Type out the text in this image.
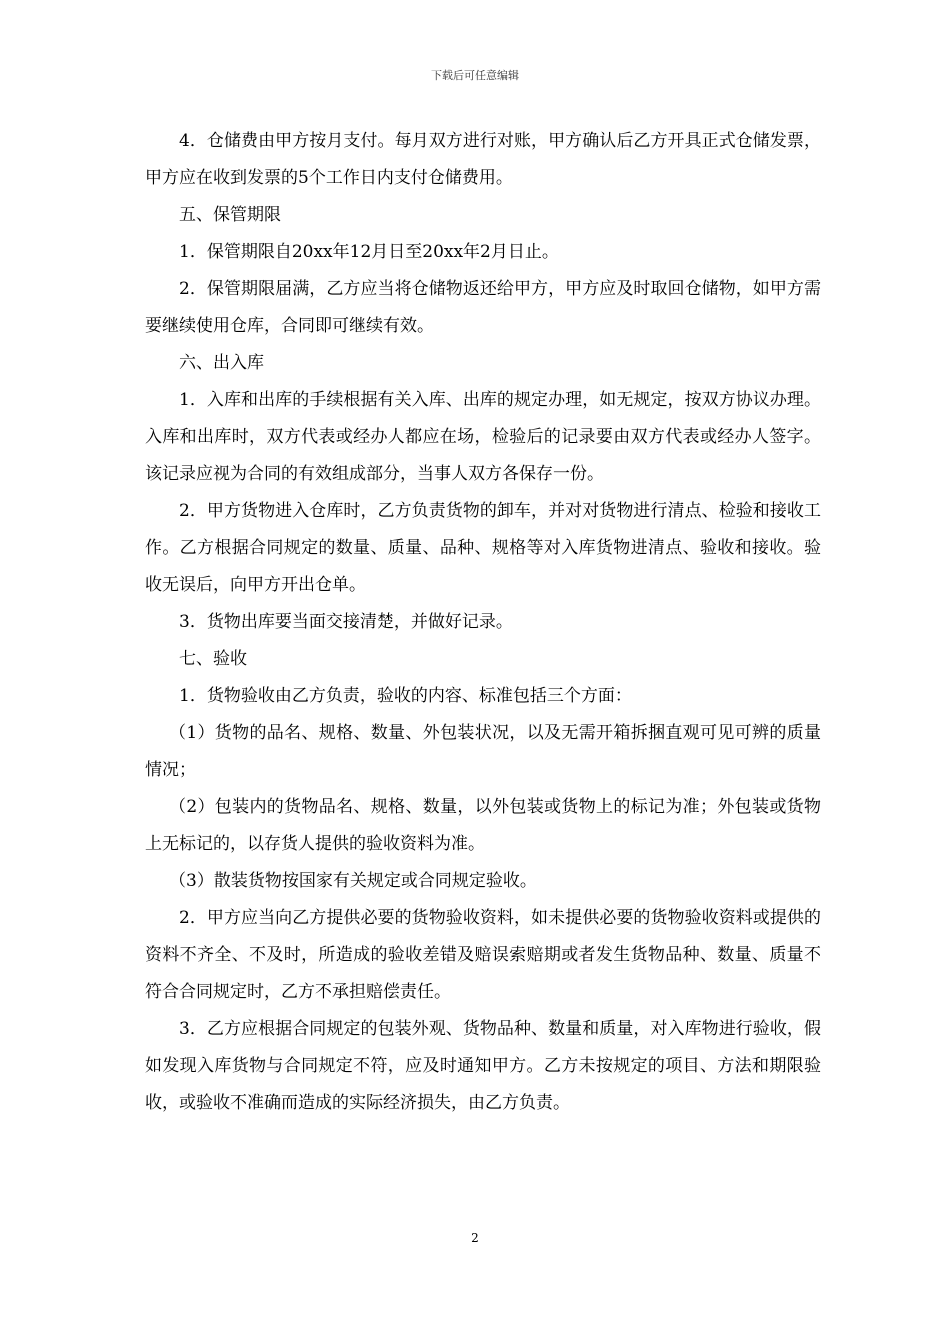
下载后可任意编辑

4．仓储费由甲方按月支付。每月双方进行对账，甲方确认后乙方开具正式仓储发票，甲方应在收到发票的5个工作日内支付仓储费用。

五、保管期限

1．保管期限自20xx年12月日至20xx年2月日止。

2．保管期限届满，乙方应当将仓储物返还给甲方，甲方应及时取回仓储物，如甲方需要继续使用仓库，合同即可继续有效。

六、出入库

1．入库和出库的手续根据有关入库、出库的规定办理，如无规定，按双方协议办理。入库和出库时，双方代表或经办人都应在场，检验后的记录要由双方代表或经办人签字。该记录应视为合同的有效组成部分，当事人双方各保存一份。

2．甲方货物进入仓库时，乙方负责货物的卸车，并对对货物进行清点、检验和接收工作。乙方根据合同规定的数量、质量、品种、规格等对入库货物进清点、验收和接收。验收无误后，向甲方开出仓单。

3．货物出库要当面交接清楚，并做好记录。

七、验收

1．货物验收由乙方负责，验收的内容、标准包括三个方面：

（1）货物的品名、规格、数量、外包装状况，以及无需开箱拆捆直观可见可辨的质量情况；

（2）包装内的货物品名、规格、数量，以外包装或货物上的标记为准；外包装或货物上无标记的，以存货人提供的验收资料为准。

（3）散装货物按国家有关规定或合同规定验收。

2．甲方应当向乙方提供必要的货物验收资料，如未提供必要的货物验收资料或提供的资料不齐全、不及时，所造成的验收差错及赔误索赔期或者发生货物品种、数量、质量不符合合同规定时，乙方不承担赔偿责任。

3．乙方应根据合同规定的包装外观、货物品种、数量和质量，对入库物进行验收，假如发现入库货物与合同规定不符，应及时通知甲方。乙方未按规定的项目、方法和期限验收，或验收不准确而造成的实际经济损失，由乙方负责。

2
